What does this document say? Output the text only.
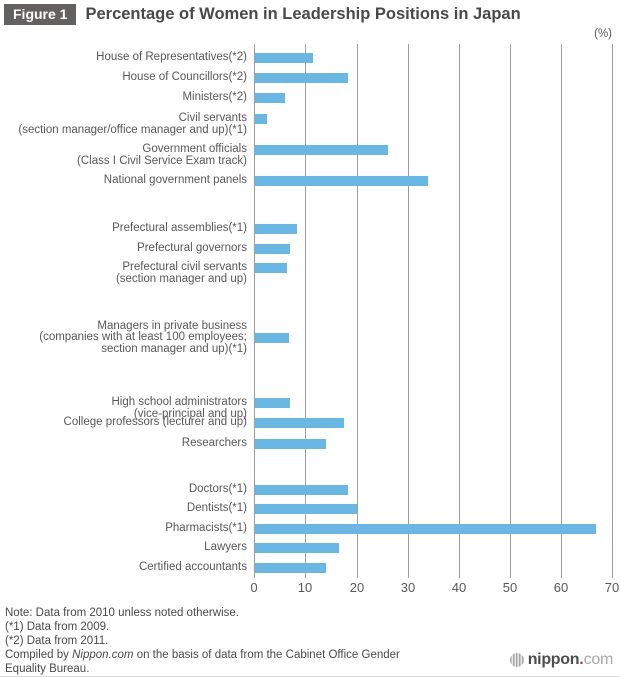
Figure 1	Percentage of Women in Leadership Positions in Japan
(%)
0	10	20	30	40	50	60	70
House of Representatives(*2)
House of Councillors(*2)
Ministers(*2)
Civil servants
(section manager/office manager and up)(*1)
Government officials
(Class I Civil Service Exam track)
National government panels
Prefectural assemblies(*1)
Prefectural governors
Prefectural civil servants
(section manager and up)
Managers in private business
(companies with at least 100 employees;
section manager and up)(*1)
High school administrators
(vice-principal and up)
College professors (lecturer and up)
Researchers
Doctors(*1)
Dentists(*1)
Pharmacists(*1)
Lawyers
Certified accountants
Note: Data from 2010 unless noted otherwise.
(*1) Data from 2009.
(*2) Data from 2011.
Compiled by Nippon.com on the basis of data from the Cabinet Office Gender Equality Bureau.
nippon . com
